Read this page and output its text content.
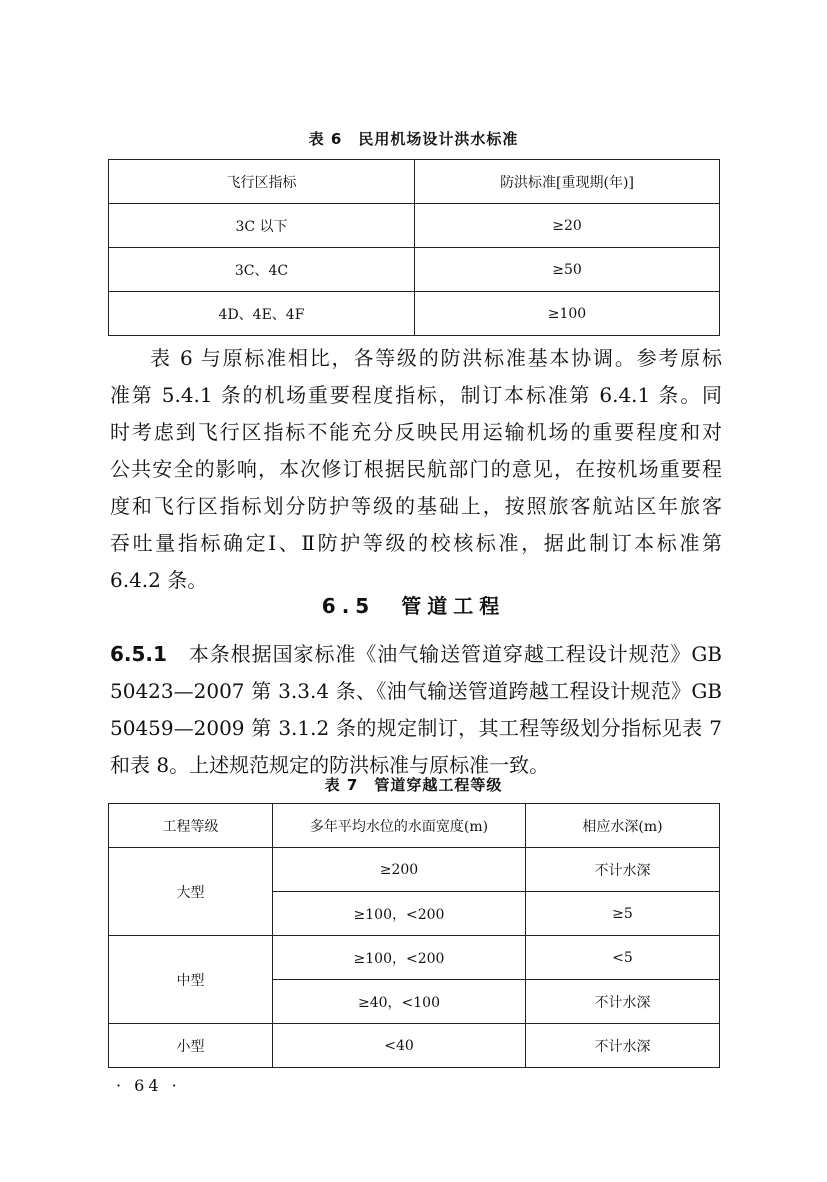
表 6　民用机场设计洪水标准
飞行区指标	防洪标准[重现期(年)]
3C 以下	≥20
3C、4C	≥50
4D、4E、4F	≥100
表 6 与原标准相比，各等级的防洪标准基本协调。参考原标
准第 5.4.1 条的机场重要程度指标，制订本标准第 6.4.1 条。同
时考虑到飞行区指标不能充分反映民用运输机场的重要程度和对
公共安全的影响，本次修订根据民航部门的意见，在按机场重要程
度和飞行区指标划分防护等级的基础上，按照旅客航站区年旅客
吞吐量指标确定Ⅰ、Ⅱ防护等级的校核标准，据此制订本标准第
6.4.2 条。
6.5　管道工程
6.5.1　 本条根据国家标准《油气输送管道穿越工程设计规范》GB
50423—2007 第 3.3.4 条、《油气输送管道跨越工程设计规范》GB
50459—2009 第 3.1.2 条的规定制订，其工程等级划分指标见表 7
和表 8。上述规范规定的防洪标准与原标准一致。
表 7　管道穿越工程等级
工程等级	多年平均水位的水面宽度(m)	相应水深(m)
大型	≥200	不计水深
	≥100，<200	≥5
中型	≥100，<200	<5
	≥40，<100	不计水深
小型	<40	不计水深
· 64 ·
